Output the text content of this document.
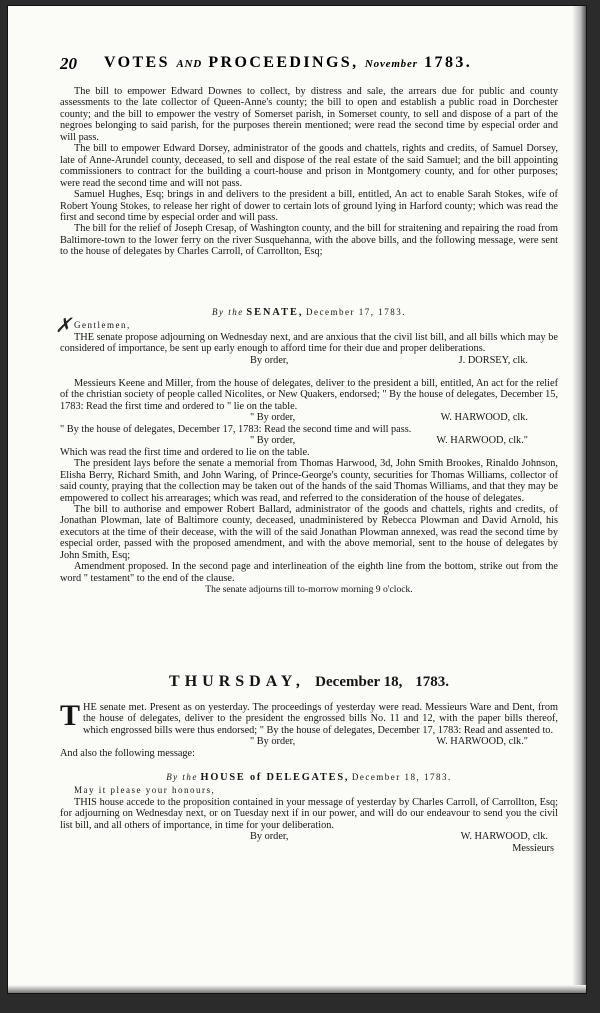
20 VOTES AND PROCEEDINGS, November 1783.

The bill to empower Edward Downes to collect, by distress and sale, the arrears due for public and county assessments to the late collector of Queen-Anne's county; the bill to open and establish a public road in Dorchester county; and the bill to empower the vestry of Somerset parish, in Somerset county, to sell and dispose of a part of the negroes belonging to said parish, for the purposes therein mentioned; were read the second time by especial order and will pass.

The bill to empower Edward Dorsey, administrator of the goods and chattels, rights and credits, of Samuel Dorsey, late of Anne-Arundel county, deceased, to sell and dispose of the real estate of the said Samuel; and the bill appointing commissioners to contract for the building a court-house and prison in Montgomery county, and for other purposes; were read the second time and will not pass.

Samuel Hughes, Esq; brings in and delivers to the president a bill, entitled, An act to enable Sarah Stokes, wife of Robert Young Stokes, to release her right of dower to certain lots of ground lying in Harford county; which was read the first and second time by especial order and will pass.

The bill for the relief of Joseph Cresap, of Washington county, and the bill for straitening and repairing the road from Baltimore-town to the lower ferry on the river Susquehanna, with the above bills, and the following message, were sent to the house of delegates by Charles Carroll, of Carrollton, Esq;

✗
By the SENATE, December 17, 1783.

Gentlemen,

THE senate propose adjourning on Wednesday next, and are anxious that the civil list bill, and all bills which may be considered of importance, be sent up early enough to afford time for their due and proper deliberations.

By order,	J. DORSEY, clk.

Messieurs Keene and Miller, from the house of delegates, deliver to the president a bill, entitled, An act for the relief of the christian society of people called Nicolites, or New Quakers, endorsed; " By the house of delegates, December 15, 1783: Read the first time and ordered to " lie on the table.

" By order,	W. HARWOOD, clk.

" By the house of delegates, December 17, 1783: Read the second time and will pass.

" By order,	W. HARWOOD, clk."

Which was read the first time and ordered to lie on the table.

The president lays before the senate a memorial from Thomas Harwood, 3d, John Smith Brookes, Rinaldo Johnson, Elisha Berry, Richard Smith, and John Waring, of Prince-George's county, securities for Thomas Williams, collector of said county, praying that the collection may be taken out of the hands of the said Thomas Williams, and that they may be empowered to collect his arrearages; which was read, and referred to the consideration of the house of delegates.

The bill to authorise and empower Robert Ballard, administrator of the goods and chattels, rights and credits, of Jonathan Plowman, late of Baltimore county, deceased, unadministered by Rebecca Plowman and David Arnold, his executors at the time of their decease, with the will of the said Jonathan Plowman annexed, was read the second time by especial order, passed with the proposed amendment, and with the above memorial, sent to the house of delegates by John Smith, Esq;

Amendment proposed. In the second page and interlineation of the eighth line from the bottom, strike out from the word " testament" to the end of the clause.

The senate adjourns till to-morrow morning 9 o'clock.
THURSDAY, December 18, 1783.

THE senate met. Present as on yesterday. The proceedings of yesterday were read. Messieurs Ware and Dent, from the house of delegates, deliver to the president the engrossed bills No. 11 and 12, with the paper bills thereof, which engrossed bills were thus endorsed; " By the house of delegates, December 17, 1783: Read and assented to.

" By order,	W. HARWOOD, clk."

And also the following message:

By the HOUSE of DELEGATES, December 18, 1783.

May it please your honours,

THIS house accede to the proposition contained in your message of yesterday by Charles Carroll, of Carrollton, Esq; for adjourning on Wednesday next, or on Tuesday next if in our power, and will do our endeavour to send you the civil list bill, and all others of importance, in time for your deliberation.

By order,	W. HARWOOD, clk.
Messieurs
